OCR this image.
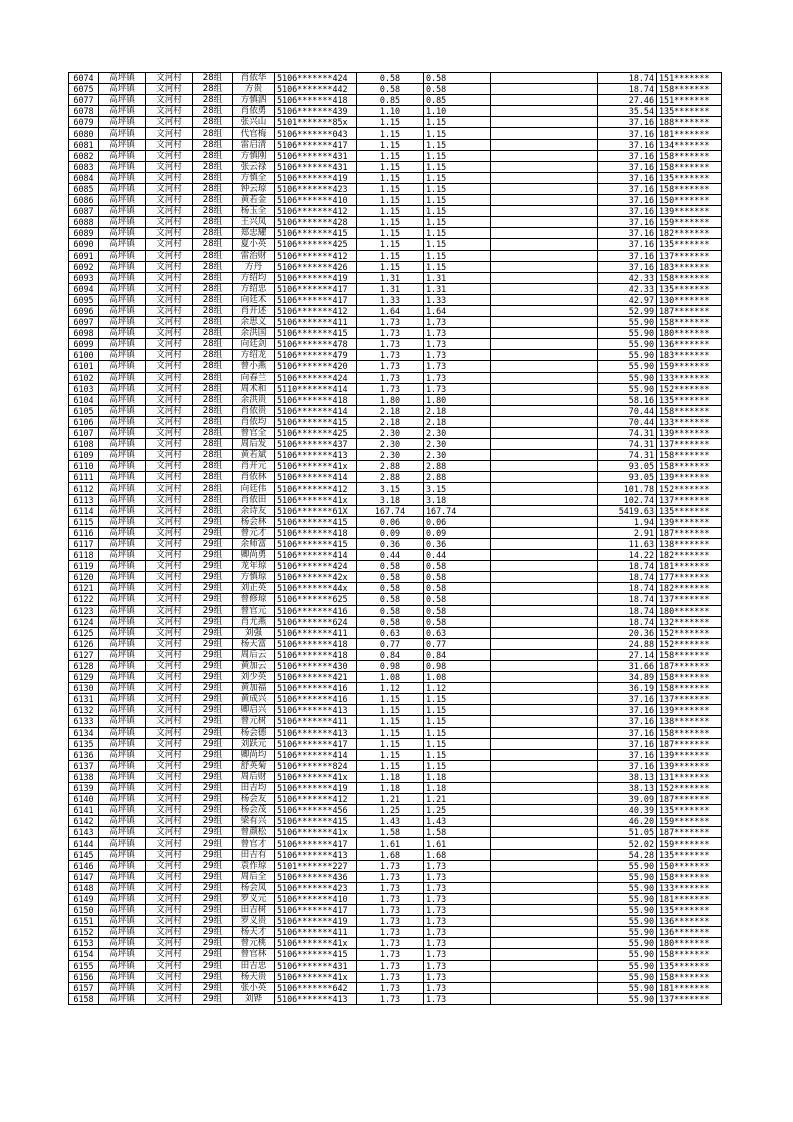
6074	高坪镇	文河村	28组	肖依华	5106*******424	0.58	0.58		18.74	151*******
6075	高坪镇	文河村	28组	方贵	5106*******442	0.58	0.58		18.74	158*******
6077	高坪镇	文河村	28组	方慎泗	5106*******418	0.85	0.85		27.46	151*******
6078	高坪镇	文河村	28组	肖依勇	5106*******439	1.10	1.10		35.54	135*******
6079	高坪镇	文河村	28组	张兴山	5101*******85x	1.15	1.15		37.16	188*******
6080	高坪镇	文河村	28组	代官梅	5106*******043	1.15	1.15		37.16	181*******
6081	高坪镇	文河村	28组	雷启清	5106*******417	1.15	1.15		37.16	134*******
6082	高坪镇	文河村	28组	方慎刚	5106*******431	1.15	1.15		37.16	158*******
6083	高坪镇	文河村	28组	张云禄	5106*******431	1.15	1.15		37.16	158*******
6084	高坪镇	文河村	28组	方慎全	5106*******419	1.15	1.15		37.16	135*******
6085	高坪镇	文河村	28组	钟云琼	5106*******423	1.15	1.15		37.16	158*******
6086	高坪镇	文河村	28组	黄若金	5106*******410	1.15	1.15		37.16	150*******
6087	高坪镇	文河村	28组	杨玉全	5106*******412	1.15	1.15		37.16	139*******
6088	高坪镇	文河村	28组	王兴凤	5106*******428	1.15	1.15		37.16	159*******
6089	高坪镇	文河村	28组	郑忠耀	5106*******415	1.15	1.15		37.16	182*******
6090	高坪镇	文河村	28组	夏小英	5106*******425	1.15	1.15		37.16	135*******
6091	高坪镇	文河村	28组	雷治财	5106*******412	1.15	1.15		37.16	137*******
6092	高坪镇	文河村	28组	方丹	5106*******426	1.15	1.15		37.16	183*******
6093	高坪镇	文河村	28组	方绍均	5106*******419	1.31	1.31		42.33	158*******
6094	高坪镇	文河村	28组	方绍忠	5106*******417	1.31	1.31		42.33	135*******
6095	高坪镇	文河村	28组	向廷术	5106*******417	1.33	1.33		42.97	130*******
6096	高坪镇	文河村	28组	肖开述	5106*******412	1.64	1.64		52.99	187*******
6097	高坪镇	文河村	28组	余思义	5106*******411	1.73	1.73		55.90	158*******
6098	高坪镇	文河村	28组	余洪国	5106*******415	1.73	1.73		55.90	180*******
6099	高坪镇	文河村	28组	向廷剑	5106*******478	1.73	1.73		55.90	136*******
6100	高坪镇	文河村	28组	方绍龙	5106*******479	1.73	1.73		55.90	183*******
6101	高坪镇	文河村	28组	曾小燕	5106*******420	1.73	1.73		55.90	159*******
6102	高坪镇	文河村	28组	向春兰	5106*******424	1.73	1.73		55.90	133*******
6103	高坪镇	文河村	28组	周术和	5110*******414	1.73	1.73		55.90	152*******
6104	高坪镇	文河村	28组	余洪贵	5106*******418	1.80	1.80		58.16	135*******
6105	高坪镇	文河村	28组	肖依贵	5106*******414	2.18	2.18		70.44	158*******
6106	高坪镇	文河村	28组	肖依均	5106*******415	2.18	2.18		70.44	133*******
6107	高坪镇	文河村	28组	曾官全	5106*******425	2.30	2.30		74.31	139*******
6108	高坪镇	文河村	28组	周后发	5106*******437	2.30	2.30		74.31	137*******
6109	高坪镇	文河村	28组	黄若斌	5106*******413	2.30	2.30		74.31	158*******
6110	高坪镇	文河村	28组	肖开元	5106*******41x	2.88	2.88		93.05	158*******
6111	高坪镇	文河村	28组	肖依林	5106*******414	2.88	2.88		93.05	139*******
6112	高坪镇	文河村	28组	向廷伟	5106*******412	3.15	3.15		101.78	152*******
6113	高坪镇	文河村	28组	肖依田	5106*******41x	3.18	3.18		102.74	137*******
6114	高坪镇	文河村	28组	余诗友	5106*******61X	167.74	167.74		5419.63	135*******
6115	高坪镇	文河村	29组	杨会林	5106*******415	0.06	0.06		1.94	139*******
6116	高坪镇	文河村	29组	曾元才	5106*******418	0.09	0.09		2.91	187*******
6117	高坪镇	文河村	29组	余师富	5106*******415	0.36	0.36		11.63	138*******
6118	高坪镇	文河村	29组	卿尚勇	5106*******414	0.44	0.44		14.22	182*******
6119	高坪镇	文河村	29组	龙年琼	5106*******424	0.58	0.58		18.74	181*******
6120	高坪镇	文河村	29组	方慎琼	5106*******42x	0.58	0.58		18.74	177*******
6121	高坪镇	文河村	29组	刘正英	5106*******44x	0.58	0.58		18.74	182*******
6122	高坪镇	文河村	29组	曾修琼	5106*******625	0.58	0.58		18.74	137*******
6123	高坪镇	文河村	29组	曾官元	5106*******416	0.58	0.58		18.74	180*******
6124	高坪镇	文河村	29组	肖尤燕	5106*******624	0.58	0.58		18.74	132*******
6125	高坪镇	文河村	29组	刘强	5106*******411	0.63	0.63		20.36	152*******
6126	高坪镇	文河村	29组	杨天富	5106*******418	0.77	0.77		24.88	152*******
6127	高坪镇	文河村	29组	周后云	5106*******418	0.84	0.84		27.14	158*******
6128	高坪镇	文河村	29组	黄加云	5106*******430	0.98	0.98		31.66	187*******
6129	高坪镇	文河村	29组	刘少英	5106*******421	1.08	1.08		34.89	158*******
6130	高坪镇	文河村	29组	黄加福	5106*******416	1.12	1.12		36.19	158*******
6131	高坪镇	文河村	29组	黄成兴	5106*******416	1.15	1.15		37.16	137*******
6132	高坪镇	文河村	29组	卿启兴	5106*******413	1.15	1.15		37.16	139*******
6133	高坪镇	文河村	29组	曾元树	5106*******411	1.15	1.15		37.16	138*******
6134	高坪镇	文河村	29组	杨会德	5106*******413	1.15	1.15		37.16	158*******
6135	高坪镇	文河村	29组	刘跃元	5106*******417	1.15	1.15		37.16	187*******
6136	高坪镇	文河村	29组	卿尚均	5106*******414	1.15	1.15		37.16	139*******
6137	高坪镇	文河村	29组	舒英菊	5106*******824	1.15	1.15		37.16	139*******
6138	高坪镇	文河村	29组	周后财	5106*******41x	1.18	1.18		38.13	131*******
6139	高坪镇	文河村	29组	田吉均	5106*******419	1.18	1.18		38.13	152*******
6140	高坪镇	文河村	29组	杨会友	5106*******412	1.21	1.21		39.09	187*******
6141	高坪镇	文河村	29组	杨会茂	5106*******456	1.25	1.25		40.39	135*******
6142	高坪镇	文河村	29组	梁有兴	5106*******415	1.43	1.43		46.20	159*******
6143	高坪镇	文河村	29组	曾颜松	5106*******41x	1.58	1.58		51.05	187*******
6144	高坪镇	文河村	29组	曾官才	5106*******417	1.61	1.61		52.02	159*******
6145	高坪镇	文河村	29组	田吉有	5106*******413	1.68	1.68		54.28	135*******
6146	高坪镇	文河村	29组	袁作琼	5101*******227	1.73	1.73		55.90	150*******
6147	高坪镇	文河村	29组	周后全	5106*******436	1.73	1.73		55.90	158*******
6148	高坪镇	文河村	29组	杨会凤	5106*******423	1.73	1.73		55.90	133*******
6149	高坪镇	文河村	29组	罗义元	5106*******410	1.73	1.73		55.90	181*******
6150	高坪镇	文河村	29组	田吉树	5106*******417	1.73	1.73		55.90	135*******
6151	高坪镇	文河村	29组	罗义贵	5106*******419	1.73	1.73		55.90	136*******
6152	高坪镇	文河村	29组	杨天才	5106*******411	1.73	1.73		55.90	136*******
6153	高坪镇	文河村	29组	曾元桃	5106*******41x	1.73	1.73		55.90	180*******
6154	高坪镇	文河村	29组	曾官林	5106*******415	1.73	1.73		55.90	158*******
6155	高坪镇	文河村	29组	田吉忠	5106*******431	1.73	1.73		55.90	135*******
6156	高坪镇	文河村	29组	杨天贵	5106*******41x	1.73	1.73		55.90	158*******
6157	高坪镇	文河村	29组	张小英	5106*******642	1.73	1.73		55.90	181*******
6158	高坪镇	文河村	29组	刘铧	5106*******413	1.73	1.73		55.90	137*******
